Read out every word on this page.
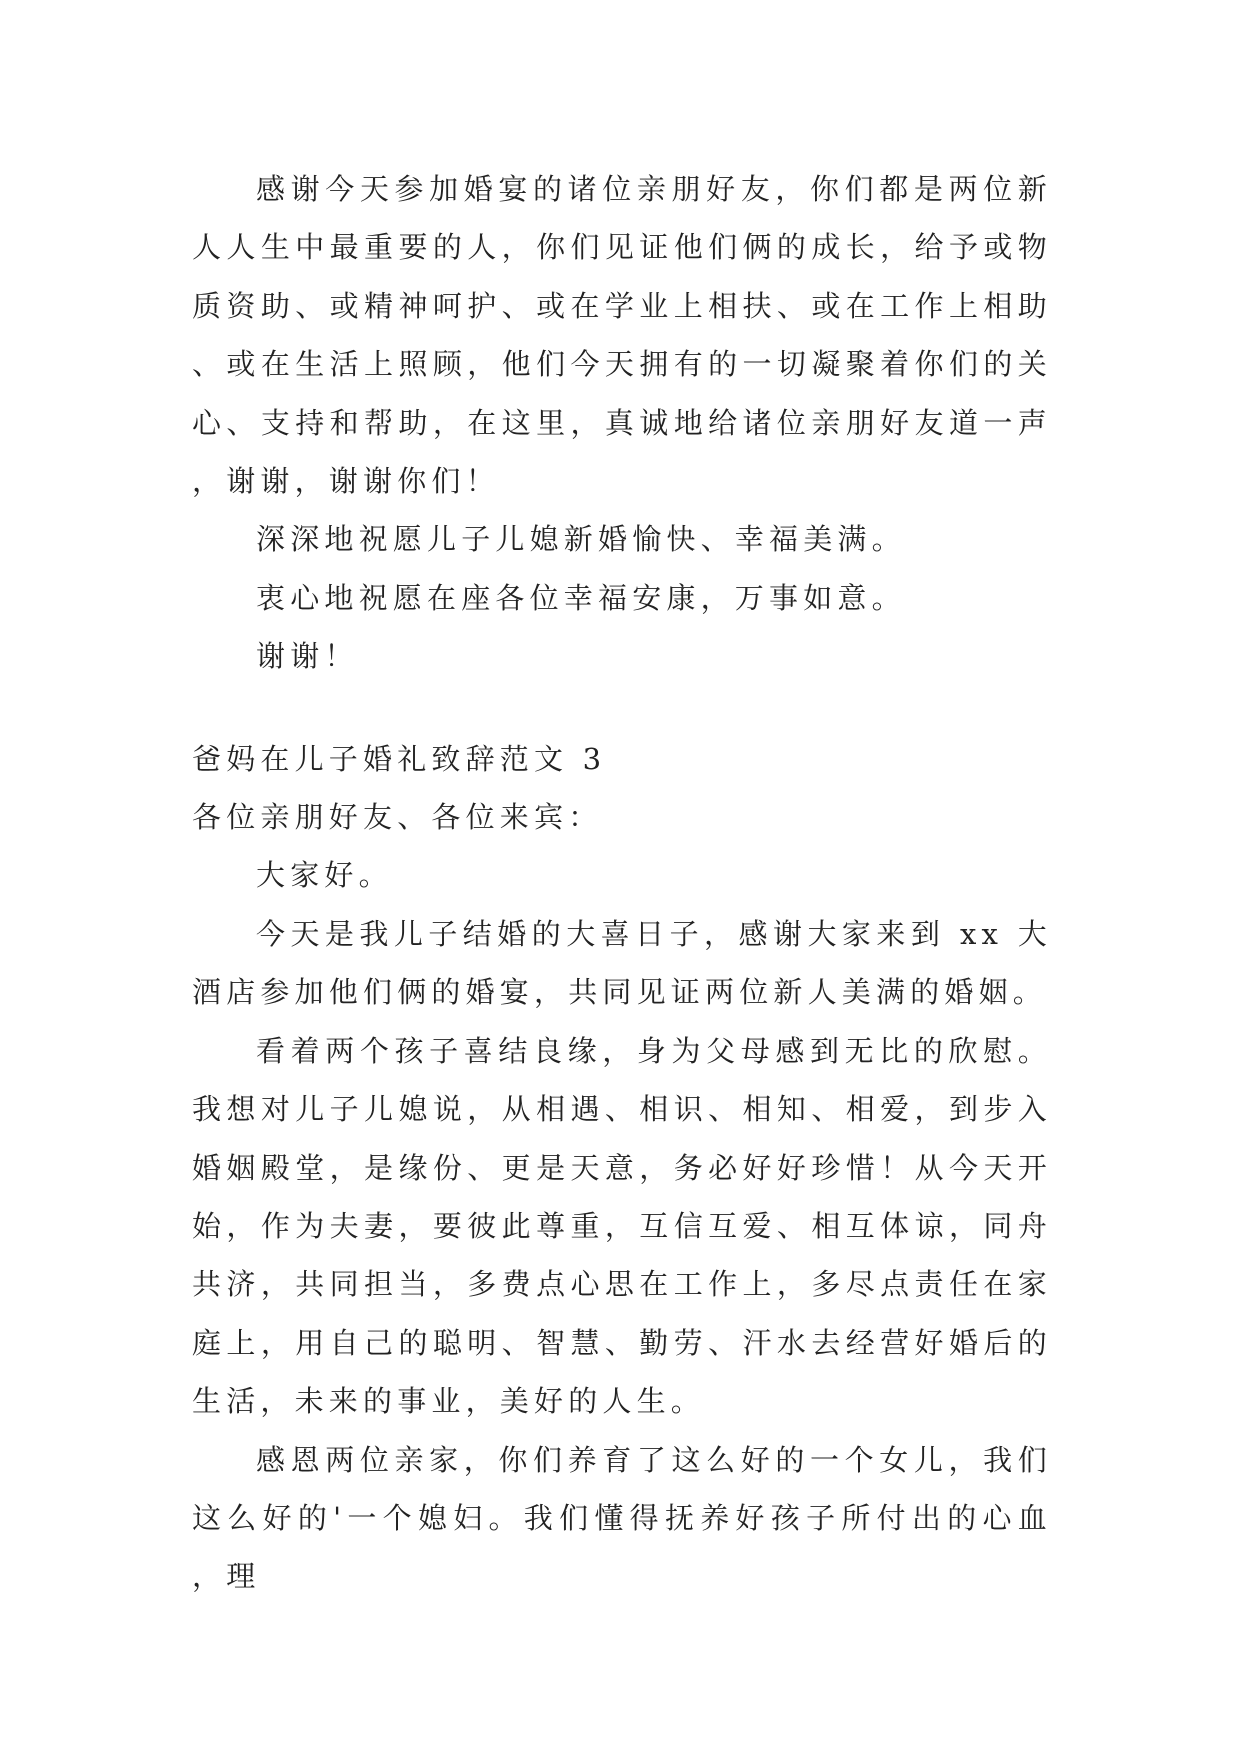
感谢今天参加婚宴的诸位亲朋好友，你们都是两位新人人生中最重要的人，你们见证他们俩的成长，给予或物质资助、或精神呵护、或在学业上相扶、或在工作上相助、或在生活上照顾，他们今天拥有的一切凝聚着你们的关心、支持和帮助，在这里，真诚地给诸位亲朋好友道一声，谢谢，谢谢你们！

深深地祝愿儿子儿媳新婚愉快、幸福美满。

衷心地祝愿在座各位幸福安康，万事如意。

谢谢！

爸妈在儿子婚礼致辞范文 3

各位亲朋好友、各位来宾：

大家好。

今天是我儿子结婚的大喜日子，感谢大家来到 xx 大酒店参加他们俩的婚宴，共同见证两位新人美满的婚姻。

看着两个孩子喜结良缘，身为父母感到无比的欣慰。我想对儿子儿媳说，从相遇、相识、相知、相爱，到步入婚姻殿堂，是缘份、更是天意，务必好好珍惜！从今天开始，作为夫妻，要彼此尊重，互信互爱、相互体谅，同舟共济，共同担当，多费点心思在工作上，多尽点责任在家庭上，用自己的聪明、智慧、勤劳、汗水去经营好婚后的生活，未来的事业，美好的人生。

感恩两位亲家，你们养育了这么好的一个女儿，我们这么好的'一个媳妇。我们懂得抚养好孩子所付出的心血，理
